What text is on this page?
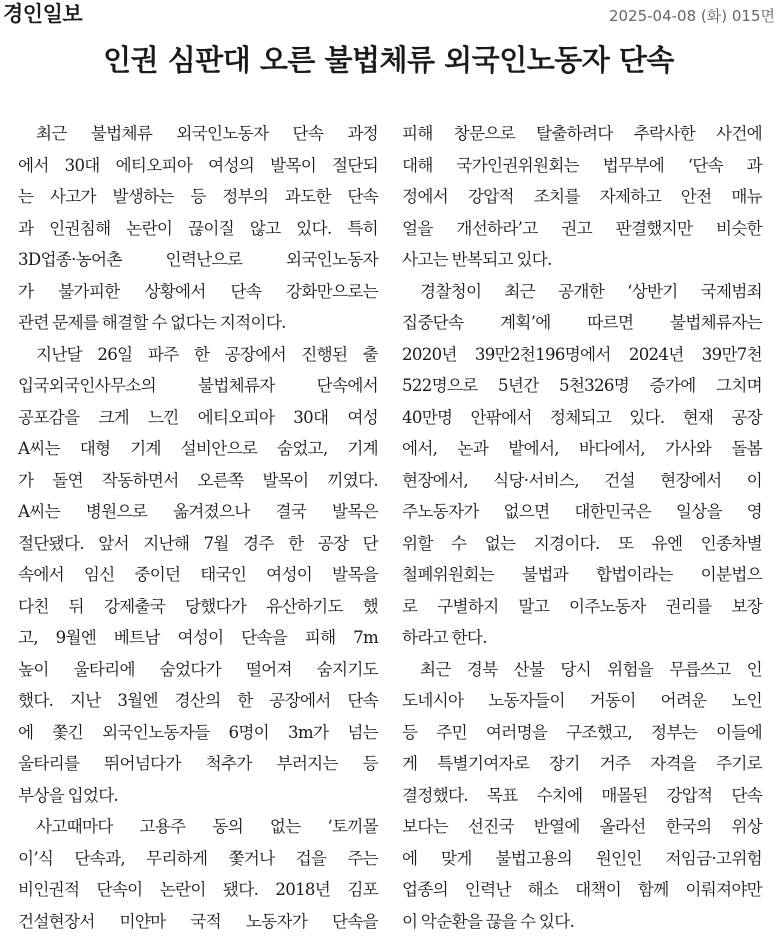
경인일보	2025-04-08 (화) 015면
인권 심판대 오른 불법체류 외국인노동자 단속
최근 불법체류 외국인노동자 단속 과정
에서 30대 에티오피아 여성의 발목이 절단되
는 사고가 발생하는 등 정부의 과도한 단속
과 인권침해 논란이 끊이질 않고 있다. 특히
3D업종·농어촌 인력난으로 외국인노동자
가 불가피한 상황에서 단속 강화만으로는
관련 문제를 해결할 수 없다는 지적이다.
지난달 26일 파주 한 공장에서 진행된 출
입국외국인사무소의 불법체류자 단속에서
공포감을 크게 느낀 에티오피아 30대 여성
A씨는 대형 기계 설비안으로 숨었고, 기계
가 돌연 작동하면서 오른쪽 발목이 끼였다.
A씨는 병원으로 옮겨졌으나 결국 발목은
절단됐다. 앞서 지난해 7월 경주 한 공장 단
속에서 임신 중이던 태국인 여성이 발목을
다친 뒤 강제출국 당했다가 유산하기도 했
고, 9월엔 베트남 여성이 단속을 피해 7m
높이 울타리에 숨었다가 떨어져 숨지기도
했다. 지난 3월엔 경산의 한 공장에서 단속
에 쫓긴 외국인노동자들 6명이 3m가 넘는
울타리를 뛰어넘다가 척추가 부러지는 등
부상을 입었다.
사고때마다 고용주 동의 없는 ‘토끼몰
이’식 단속과, 무리하게 쫓거나 겁을 주는
비인권적 단속이 논란이 됐다. 2018년 김포
건설현장서 미얀마 국적 노동자가 단속을
피해 창문으로 탈출하려다 추락사한 사건에
대해 국가인권위원회는 법무부에 ‘단속 과
정에서 강압적 조치를 자제하고 안전 매뉴
얼을 개선하라’고 권고 판결했지만 비슷한
사고는 반복되고 있다.
경찰청이 최근 공개한 ‘상반기 국제범죄
집중단속 계획’에 따르면 불법체류자는
2020년 39만2천196명에서 2024년 39만7천
522명으로 5년간 5천326명 증가에 그치며
40만명 안팎에서 정체되고 있다. 현재 공장
에서, 논과 밭에서, 바다에서, 가사와 돌봄
현장에서, 식당·서비스, 건설 현장에서 이
주노동자가 없으면 대한민국은 일상을 영
위할 수 없는 지경이다. 또 유엔 인종차별
철폐위원회는 불법과 합법이라는 이분법으
로 구별하지 말고 이주노동자 권리를 보장
하라고 한다.
최근 경북 산불 당시 위험을 무릅쓰고 인
도네시아 노동자들이 거동이 어려운 노인
등 주민 여러명을 구조했고, 정부는 이들에
게 특별기여자로 장기 거주 자격을 주기로
결정했다. 목표 수치에 매몰된 강압적 단속
보다는 선진국 반열에 올라선 한국의 위상
에 맞게 불법고용의 원인인 저임금·고위험
업종의 인력난 해소 대책이 함께 이뤄져야만
이 악순환을 끊을 수 있다.
